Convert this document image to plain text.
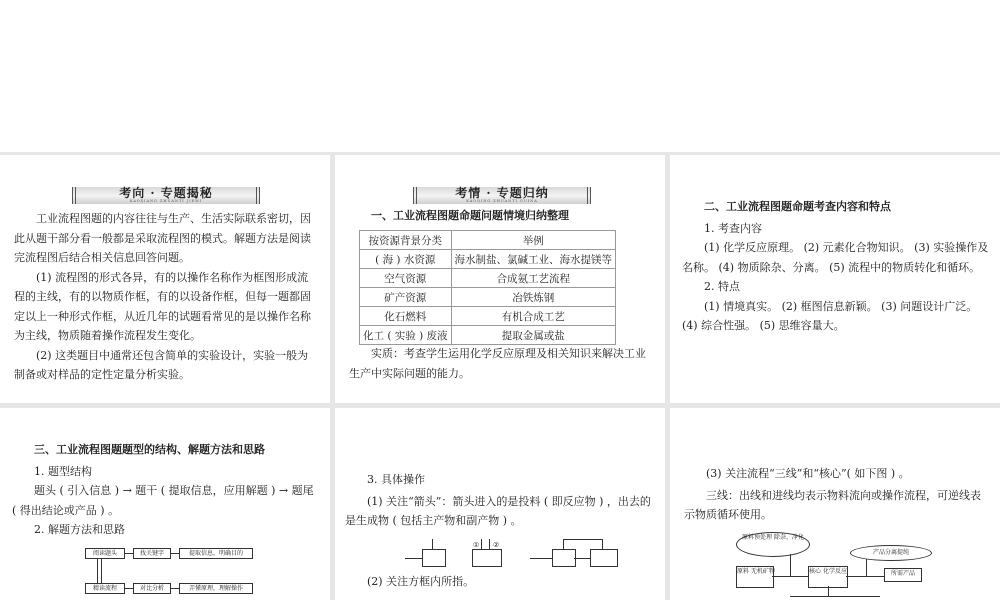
考向 · 专题揭秘
KAOXIANG ZHUANTI JIEMI

工业流程图题的内容往往与生产、生活实际联系密切，因此从题干部分看一般都是采取流程图的模式。解题方法是阅读完流程图后结合相关信息回答问题。

(1) 流程图的形式各异，有的以操作名称作为框图形成流程的主线，有的以物质作框，有的以设备作框，但每一题都固定以上一种形式作框，从近几年的试题看常见的是以操作名称为主线，物质随着操作流程发生变化。

(2) 这类题目中通常还包含简单的实验设计，实验一般为制备或对样品的定性定量分析实验。

考情 · 专题归纳
KAOQING ZHUANTI GUINA
一、工业流程图题命题问题情境归纳整理
按资源背景分类	举例
( 海 ) 水资源	海水制盐、氯碱工业、海水提镁等
空气资源	合成氨工艺流程
矿产资源	冶铁炼钢
化石燃料	有机合成工艺
化工 ( 实验 ) 废液	提取金属或盐

实质：考查学生运用化学反应原理及相关知识来解决工业生产中实际问题的能力。

二、工业流程图题命题考查内容和特点

1. 考查内容

(1) 化学反应原理。 (2) 元素化合物知识。 (3) 实验操作及名称。 (4) 物质除杂、分离。 (5) 流程中的物质转化和循环。

2. 特点

(1) 情境真实。 (2) 框图信息新颖。 (3) 问题设计广泛。 (4) 综合性强。 (5) 思维容量大。

三、工业流程图题题型的结构、解题方法和思路

1. 题型结构

题头 ( 引入信息 ) → 题干 ( 提取信息，应用解题 ) → 题尾 ( 得出结论或产品 ) 。

2. 解题方法和思路

阅读题头	找关键字	提取信息，明确目的
精读流程	对比分析	弄懂原理，理解操作

3. 具体操作

(1) 关注“箭头”：箭头进入的是投料 ( 即反应物 ) ，出去的是生成物 ( 包括主产物和副产物 ) 。

① ②

(2) 关注方框内所指。

(3) 关注流程“三线”和“核心”( 如下图 ) 。

三线：出线和进线均表示物料流向或操作流程，可逆线表示物质循环使用。

原料预处理 除杂、净化
产品分离提纯
原料 无机矿物	核心 化学反应	所需产品
